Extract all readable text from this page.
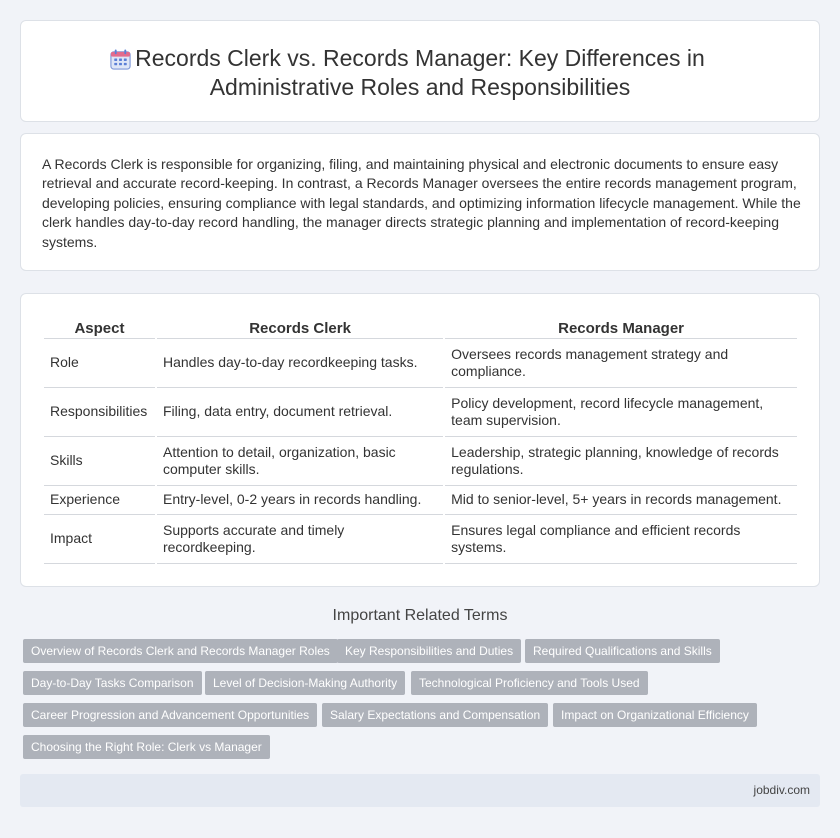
Records Clerk vs. Records Manager: Key Differences in Administrative Roles and Responsibilities

A Records Clerk is responsible for organizing, filing, and maintaining physical and electronic documents to ensure easy retrieval and accurate record-keeping. In contrast, a Records Manager oversees the entire records management program, developing policies, ensuring compliance with legal standards, and optimizing information lifecycle management. While the clerk handles day-to-day record handling, the manager directs strategic planning and implementation of record-keeping systems.

Aspect	Records Clerk	Records Manager
Role	Handles day-to-day recordkeeping tasks.	Oversees records management strategy and compliance.
Responsibilities	Filing, data entry, document retrieval.	Policy development, record lifecycle management, team supervision.
Skills	Attention to detail, organization, basic computer skills.	Leadership, strategic planning, knowledge of records regulations.
Experience	Entry-level, 0-2 years in records handling.	Mid to senior-level, 5+ years in records management.
Impact	Supports accurate and timely recordkeeping.	Ensures legal compliance and efficient records systems.
Important Related Terms
Overview of Records Clerk and Records Manager Roles	Key Responsibilities and Duties	Required Qualifications and Skills
Day-to-Day Tasks Comparison	Level of Decision-Making Authority	Technological Proficiency and Tools Used
Career Progression and Advancement Opportunities	Salary Expectations and Compensation	Impact on Organizational Efficiency
Choosing the Right Role: Clerk vs Manager
jobdiv.com
